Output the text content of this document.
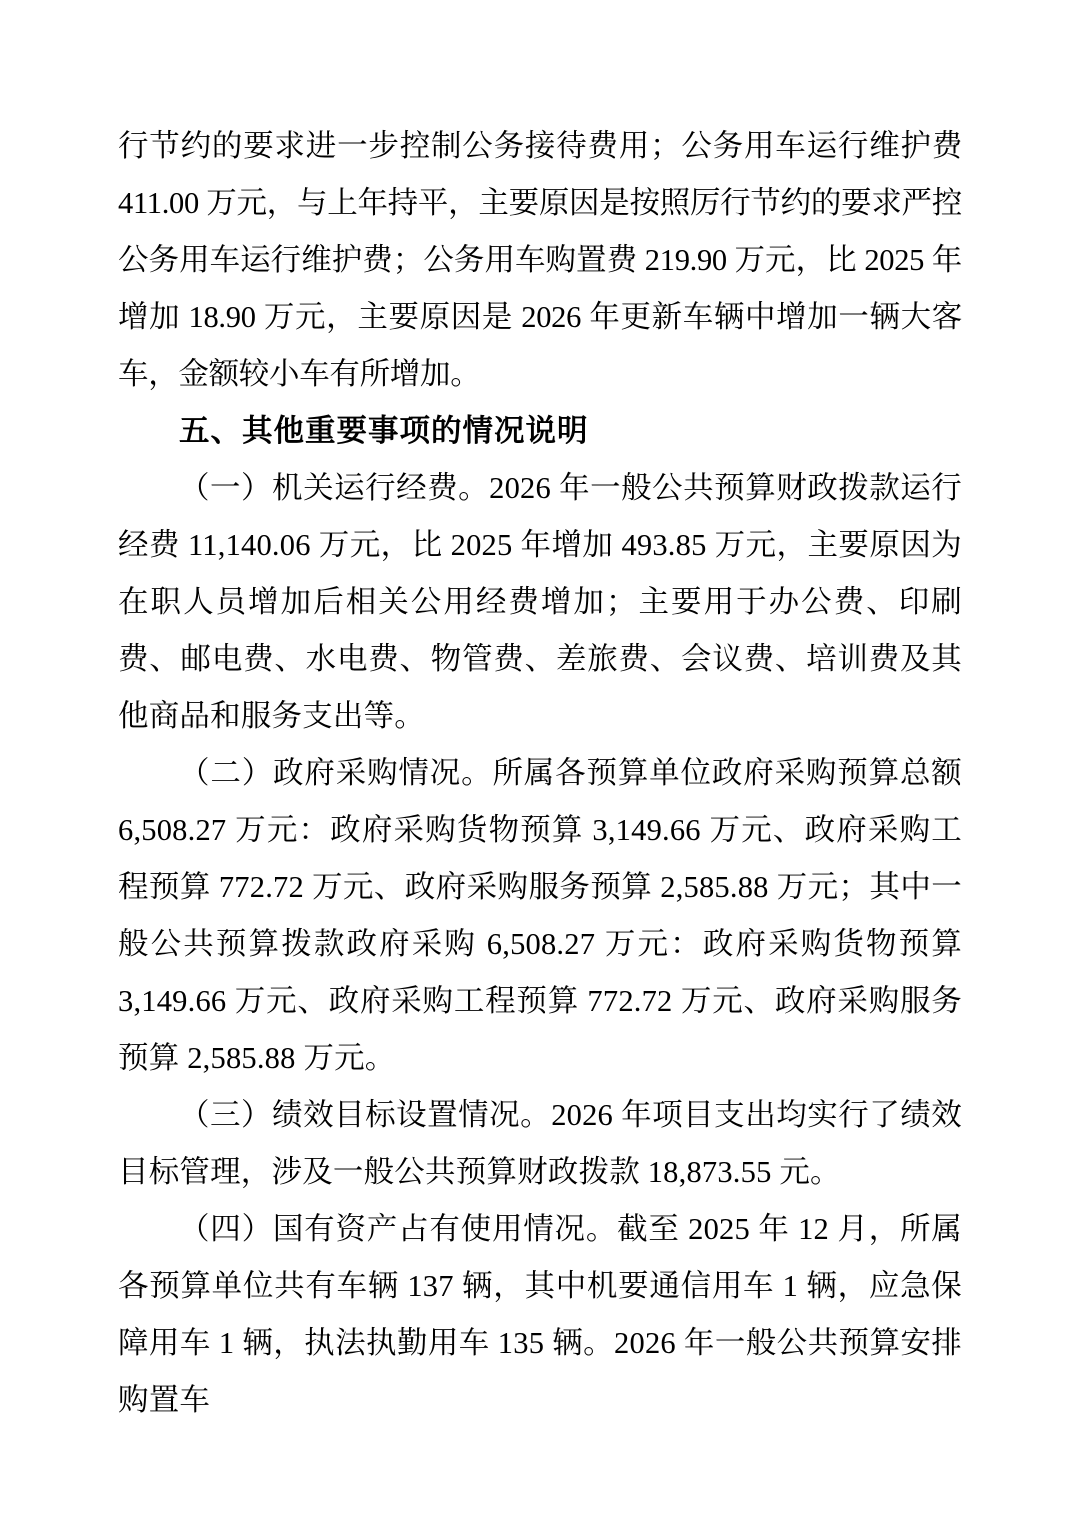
行节约的要求进一步控制公务接待费用；公务用车运行维护费 411.00 万元，与上年持平，主要原因是按照厉行节约的要求严控公务用车运行维护费；公务用车购置费 219.90 万元，比 2025 年增加 18.90 万元，主要原因是 2026 年更新车辆中增加一辆大客车，金额较小车有所增加。

五、其他重要事项的情况说明

（一）机关运行经费。2026 年一般公共预算财政拨款运行经费 11,140.06 万元，比 2025 年增加 493.85 万元，主要原因为在职人员增加后相关公用经费增加；主要用于办公费、印刷费、邮电费、水电费、物管费、差旅费、会议费、培训费及其他商品和服务支出等。

（二）政府采购情况。所属各预算单位政府采购预算总额 6,508.27 万元：政府采购货物预算 3,149.66 万元、政府采购工程预算 772.72 万元、政府采购服务预算 2,585.88 万元；其中一般公共预算拨款政府采购 6,508.27 万元：政府采购货物预算 3,149.66 万元、政府采购工程预算 772.72 万元、政府采购服务预算 2,585.88 万元。

（三）绩效目标设置情况。2026 年项目支出均实行了绩效目标管理，涉及一般公共预算财政拨款 18,873.55 元。

（四）国有资产占有使用情况。截至 2025 年 12 月，所属各预算单位共有车辆 137 辆，其中机要通信用车 1 辆，应急保障用车 1 辆，执法执勤用车 135 辆。2026 年一般公共预算安排购置车
